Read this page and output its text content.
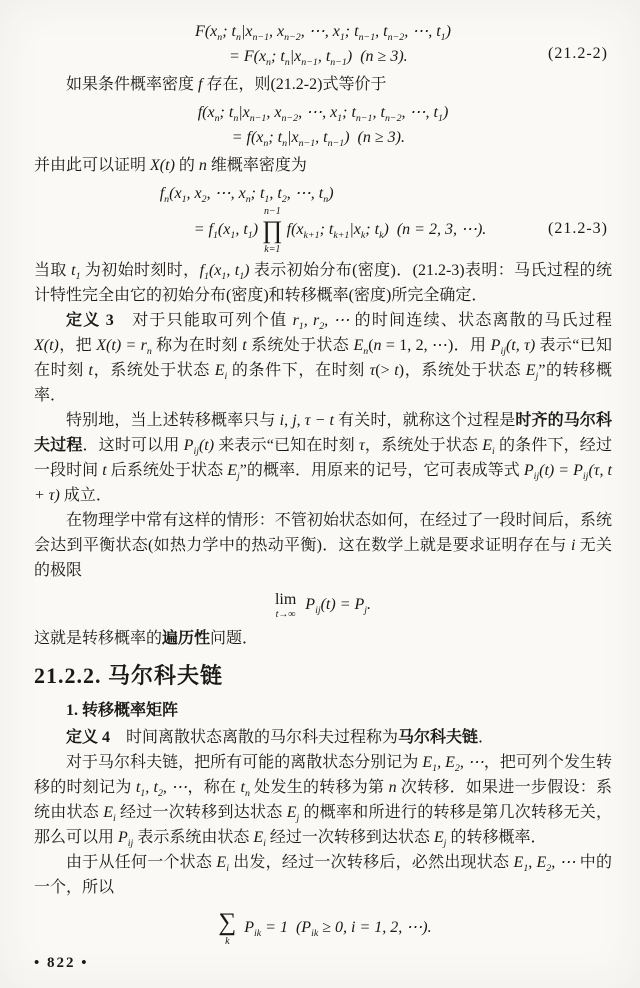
$F(x_n$; $t_n|x_{n-1}$, $x_{n-2}$, ⋯, $x_1$; $t_{n-1}$, $t_{n-2}$, ⋯, $t_1$)
= $F(x_n$; $t_n|x_{n-1}$, $t_{n-1}$)  (n ≥ 3).	(21.2-2)

如果条件概率密度 f 存在，则(21.2-2)式等价于

$f(x_n$; $t_n|x_{n-1}$, $x_{n-2}$, ⋯, $x_1$; $t_{n-1}$, $t_{n-2}$, ⋯, $t_1$)
= $f(x_n$; $t_n|x_{n-1}$, $t_{n-1}$)  (n ≥ 3).

并由此可以证明 X(t) 的 n 维概率密度为

$f_n(x_1$, $x_2$, ⋯, $x_n$; $t_1$, $t_2$, ⋯, $t_n$)
= $f_1(x_1$, $t_1$)
n−1
∏
k=1
$f(x_{k+1}$; $t_{k+1}|x_k$; $t_k$)  (n = 2, 3, ⋯).	(21.2-3)

当取 $t_1$ 为初始时刻时，$f_1(x_1$, $t_1$) 表示初始分布(密度)．(21.2-3)表明：马氏过程的统计特性完全由它的初始分布(密度)和转移概率(密度)所完全确定．

定义 3　对于只能取可列个值 $r_1$, $r_2$, ⋯ 的时间连续、状态离散的马氏过程 X(t)，把 $X(t) = r_n$ 称为在时刻 t 系统处于状态 $E_n(n = 1$, 2, ⋯)．用 $P_{ij}(t$, τ) 表示“已知在时刻 t，系统处于状态 $E_i$ 的条件下，在时刻 τ(> t)，系统处于状态 $E_j$”的转移概率．

特别地，当上述转移概率只与 i, j, τ − t 有关时，就称这个过程是时齐的马尔科夫过程．这时可以用 $P_{ij}(t)$ 来表示“已知在时刻 τ，系统处于状态 $E_i$ 的条件下，经过一段时间 t 后系统处于状态 $E_j$”的概率．用原来的记号，它可表成等式 $P_{ij}(t) = P_{ij}(\tau$, t + τ) 成立．

在物理学中常有这样的情形：不管初始状态如何，在经过了一段时间后，系统会达到平衡状态(如热力学中的热动平衡)．这在数学上就是要求证明存在与 i 无关的极限

lim
t→∞
$P_{ij}(t) = P_j$.

这就是转移概率的遍历性问题．

21.2.2. 马尔科夫链
1. 转移概率矩阵

定义 4　时间离散状态离散的马尔科夫过程称为马尔科夫链．

对于马尔科夫链，把所有可能的离散状态分别记为 $E_1$, $E_2$, ⋯，把可列个发生转移的时刻记为 $t_1$, $t_2$, ⋯，称在 $t_n$ 处发生的转移为第 n 次转移．如果进一步假设：系统由状态 $E_i$ 经过一次转移到达状态 $E_j$ 的概率和所进行的转移是第几次转移无关，那么可以用 $P_{ij}$ 表示系统由状态 $E_i$ 经过一次转移到达状态 $E_j$ 的转移概率．

由于从任何一个状态 $E_i$ 出发，经过一次转移后，必然出现状态 $E_1$, $E_2$, ⋯ 中的一个，所以

∑
k
$P_{ik} = 1$  ($P_{ik} \ge 0$, i = 1, 2, ⋯).
• 822 •
